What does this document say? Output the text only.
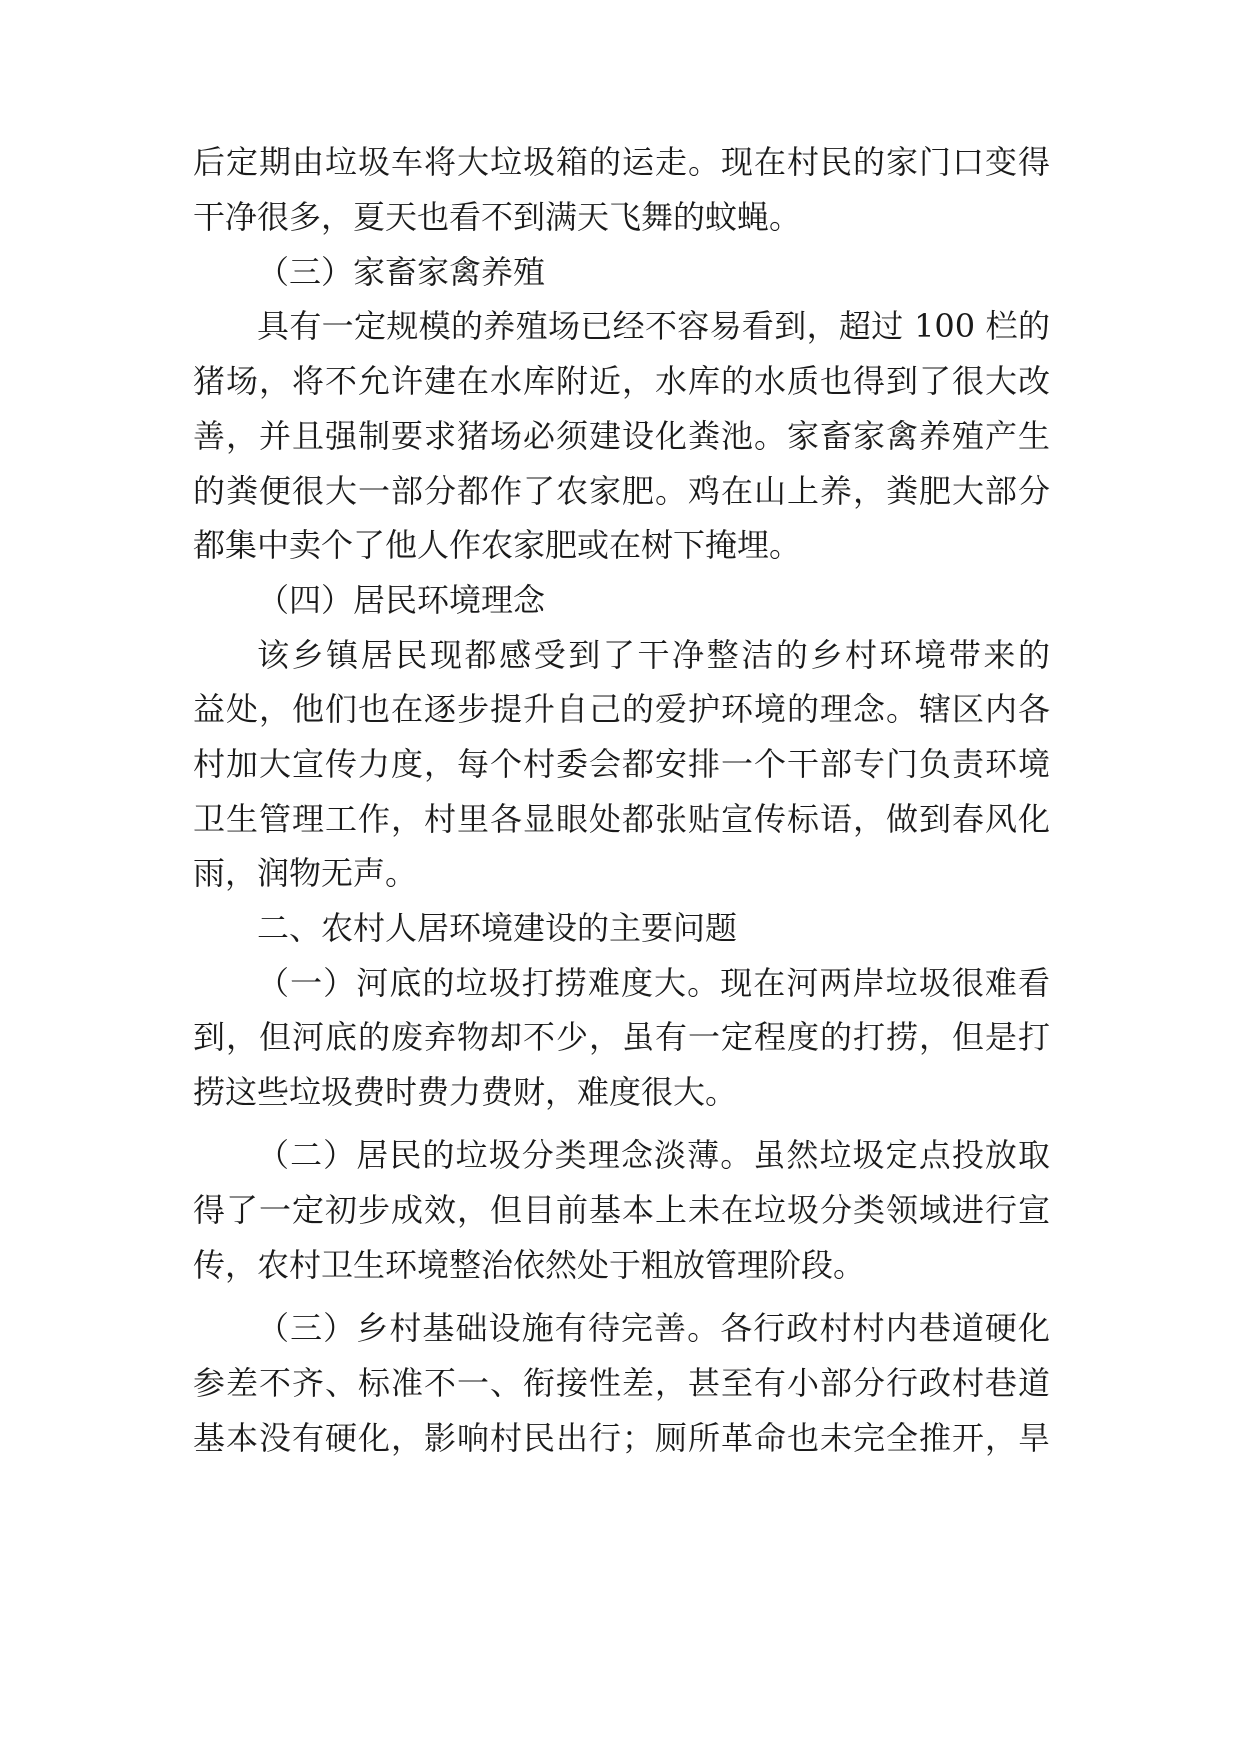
后定期由垃圾车将大垃圾箱的运走。现在村民的家门口变得

干净很多，夏天也看不到满天飞舞的蚊蝇。

（三）家畜家禽养殖

具有一定规模的养殖场已经不容易看到，超过 100 栏的

猪场，将不允许建在水库附近，水库的水质也得到了很大改

善，并且强制要求猪场必须建设化粪池。家畜家禽养殖产生

的粪便很大一部分都作了农家肥。鸡在山上养，粪肥大部分

都集中卖个了他人作农家肥或在树下掩埋。

（四）居民环境理念

该乡镇居民现都感受到了干净整洁的乡村环境带来的

益处，他们也在逐步提升自己的爱护环境的理念。辖区内各

村加大宣传力度，每个村委会都安排一个干部专门负责环境

卫生管理工作，村里各显眼处都张贴宣传标语，做到春风化

雨，润物无声。

二、农村人居环境建设的主要问题

（一）河底的垃圾打捞难度大。现在河两岸垃圾很难看

到，但河底的废弃物却不少，虽有一定程度的打捞，但是打

捞这些垃圾费时费力费财，难度很大。

（二）居民的垃圾分类理念淡薄。虽然垃圾定点投放取

得了一定初步成效，但目前基本上未在垃圾分类领域进行宣

传，农村卫生环境整治依然处于粗放管理阶段。

（三）乡村基础设施有待完善。各行政村村内巷道硬化

参差不齐、标准不一、衔接性差，甚至有小部分行政村巷道

基本没有硬化，影响村民出行；厕所革命也未完全推开，旱
